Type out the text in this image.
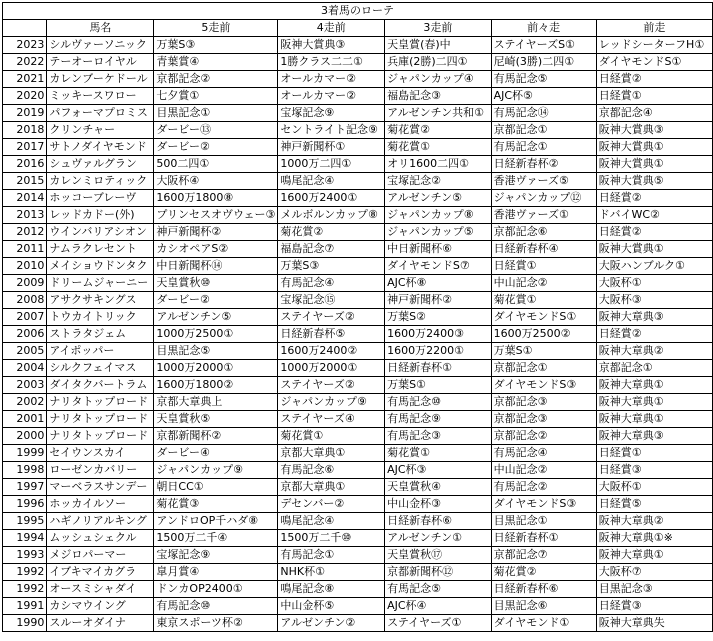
3着馬のローテ						
	馬名	5走前	4走前	3走前	前々走	前走
2023	シルヴァーソニック	万葉S③	阪神大賞典③	天皇賞(春)中	ステイヤーズS①	レッドシーターフH①
2022	テーオーロイヤル	青葉賞④	1勝クラス二二①	兵庫(2勝)二四①	尼崎(3勝)二四①	ダイヤモンドS①
2021	カレンブーケドール	京都記念②	オールカマー②	ジャパンカップ④	有馬記念⑤	日経賞②
2020	ミッキースワロー	七夕賞①	オールカマー②	福島記念③	AJC杯⑤	日経賞①
2019	パフォーマプロミス	目黒記念①	宝塚記念⑨	アルゼンチン共和①	有馬記念⑭	京都記念④
2018	クリンチャー	ダービー⑬	セントライト記念⑨	菊花賞②	京都記念①	阪神大賞典③
2017	サトノダイヤモンド	ダービー②	神戸新聞杯①	菊花賞①	有馬記念①	阪神大賞典①
2016	シュヴァルグラン	500二四①	1000万二四①	オリ1600二四①	日経新春杯②	阪神大賞典①
2015	カレンミロティック	大阪杯④	鳴尾記念④	宝塚記念②	香港ヴァーズ⑤	阪神大賞典⑤
2014	ホッコーブレーヴ	1600万1800⑧	1600万2400①	アルゼンチン⑤	ジャパンカップ⑫	日経賞②
2013	レッドカドー(外)	プリンセスオヴウェー③	メルボルンカップ⑧	ジャパンカップ⑧	香港ヴァーズ①	ドバイWC②
2012	ウインバリアシオン	神戸新聞杯②	菊花賞②	ジャパンカップ⑤	京都記念⑥	日経賞②
2011	ナムラクレセント	カシオペアS②	福島記念⑦	中日新聞杯⑥	日経新春杯④	阪神大賞典①
2010	メイショウドンタク	中日新聞杯⑭	万葉S③	ダイヤモンドS⑦	日経賞①	大阪ハンブルク①
2009	ドリームジャーニー	天皇賞秋⑩	有馬記念④	AJC杯⑧	中山記念②	大阪杯①
2008	アサクサキングス	ダービー②	宝塚記念⑮	神戸新聞杯②	菊花賞①	大阪杯③
2007	トウカイトリック	アルゼンチン⑤	ステイヤーズ②	万葉S②	ダイヤモンドS①	阪神大章典③
2006	ストラタジェム	1000万2500①	日経新春杯⑤	1600万2400③	1600万2500②	日経賞②
2005	アイポッパー	目黒記念⑤	1600万2400②	1600万2200①	万葉S①	阪神大章典②
2004	シルクフェイマス	1000万2000①	1000万2000①	日経新春杯①	京都記念①	京都記念①
2003	ダイタクバートラム	1600万1800②	ステイヤーズ②	万葉S①	ダイヤモンドS③	阪神大章典①
2002	ナリタトップロード	京都大章典上	ジャパンカップ⑨	有馬記念⑩	京都記念③	阪神大章典①
2001	ナリタトップロード	天皇賞秋⑤	ステイヤーズ④	有馬記念⑨	京都記念③	阪神大章典①
2000	ナリタトップロード	京都新聞杯②	菊花賞①	有馬記念③	京都記念②	阪神大章典③
1999	セイウンスカイ	ダービー④	京都大章典①	菊花賞①	有馬記念④	日経賞①
1998	ローゼンカバリー	ジャパンカップ⑨	有馬記念⑥	AJC杯③	中山記念②	日経賞③
1997	マーベラスサンデー	朝日CC①	京都大章典①	天皇賞秋④	有馬記念②	大阪杯①
1996	ホッカイルソー	菊花賞③	デセンバー②	中山金杯③	ダイヤモンドS③	日経賞⑤
1995	ハギノリアルキング	アンドロOP千ハダ⑧	鳴尾記念④	日経新春杯⑥	目黒記念①	阪神大章典②
1994	ムッシュシェクル	1500万二千④	1500万二千⑩	アルゼンチン①	日経新春杯①	阪神大章典①※
1993	メジロパーマー	宝塚記念⑨	有馬記念①	天皇賞秋⑰	京都記念⑦	阪神大章典①
1992	イブキマイカグラ	皐月賞④	NHK杯①	京都新聞杯⑫	菊花賞②	大阪杯⑦
1992	オースミシャダイ	ドンカOP2400①	鳴尾記念⑧	有馬記念⑤	日経新春杯⑥	目黒記念③
1991	カシマウイング	有馬記念⑩	中山金杯⑤	AJC杯④	目黒記念⑥	日経賞③
1990	スルーオダイナ	東京スポーツ杯②	アルゼンチン②	ステイヤーズ①	ダイヤモンド①	阪神大章典失
